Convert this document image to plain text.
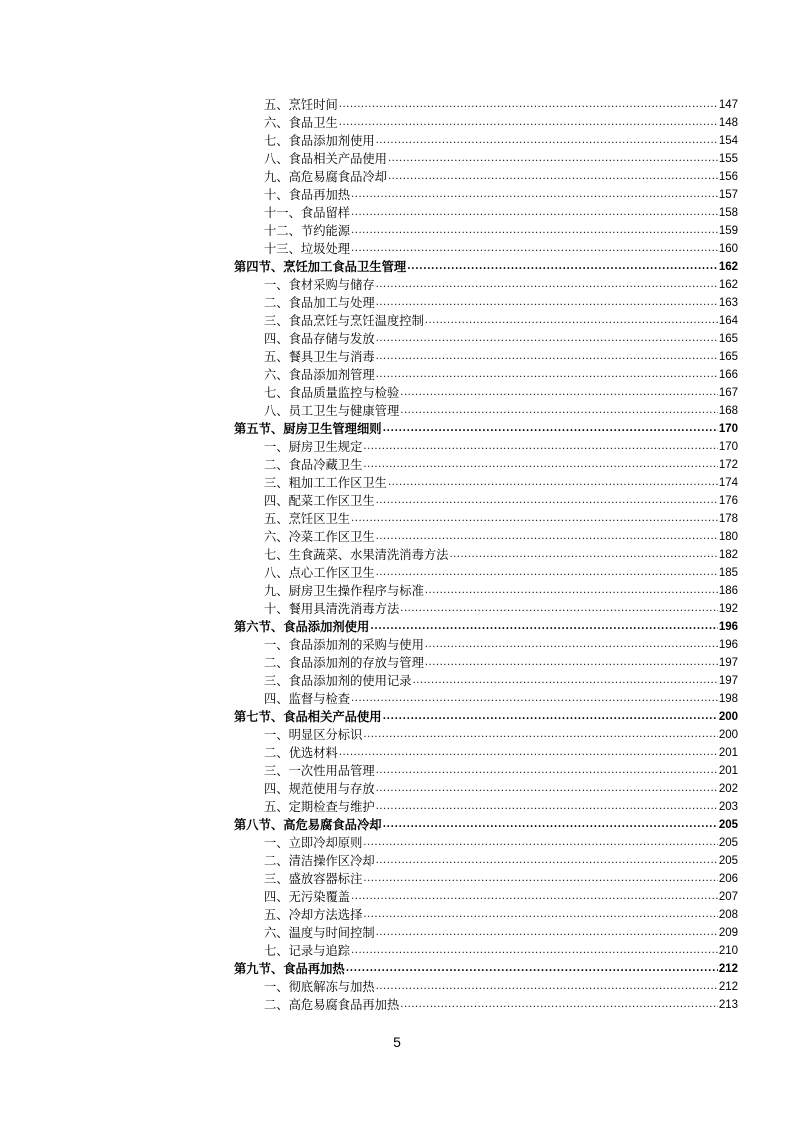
五、烹饪时间 .....	147
六、食品卫生 .....	148
七、食品添加剂使用 .....	154
八、食品相关产品使用 .....	155
九、高危易腐食品冷却 .....	156
十、食品再加热 .....	157
十一、食品留样 .....	158
十二、节约能源 .....	159
十三、垃圾处理 .....	160
第四节、烹饪加工食品卫生管理 .....	162
一、食材采购与储存 .....	162
二、食品加工与处理 .....	163
三、食品烹饪与烹饪温度控制 .....	164
四、食品存储与发放 .....	165
五、餐具卫生与消毒 .....	165
六、食品添加剂管理 .....	166
七、食品质量监控与检验 .....	167
八、员工卫生与健康管理 .....	168
第五节、厨房卫生管理细则 .....	170
一、厨房卫生规定 .....	170
二、食品冷藏卫生 .....	172
三、粗加工工作区卫生 .....	174
四、配菜工作区卫生 .....	176
五、烹饪区卫生 .....	178
六、冷菜工作区卫生 .....	180
七、生食蔬菜、水果清洗消毒方法 .....	182
八、点心工作区卫生 .....	185
九、厨房卫生操作程序与标准 .....	186
十、餐用具清洗消毒方法 .....	192
第六节、食品添加剂使用 .....	196
一、食品添加剂的采购与使用 .....	196
二、食品添加剂的存放与管理 .....	197
三、食品添加剂的使用记录 .....	197
四、监督与检查 .....	198
第七节、食品相关产品使用 .....	200
一、明显区分标识 .....	200
二、优选材料 .....	201
三、一次性用品管理 .....	201
四、规范使用与存放 .....	202
五、定期检查与维护 .....	203
第八节、高危易腐食品冷却 .....	205
一、立即冷却原则 .....	205
二、清洁操作区冷却 .....	205
三、盛放容器标注 .....	206
四、无污染覆盖 .....	207
五、冷却方法选择 .....	208
六、温度与时间控制 .....	209
七、记录与追踪 .....	210
第九节、食品再加热 .....	212
一、彻底解冻与加热 .....	212
二、高危易腐食品再加热 .....	213
5
